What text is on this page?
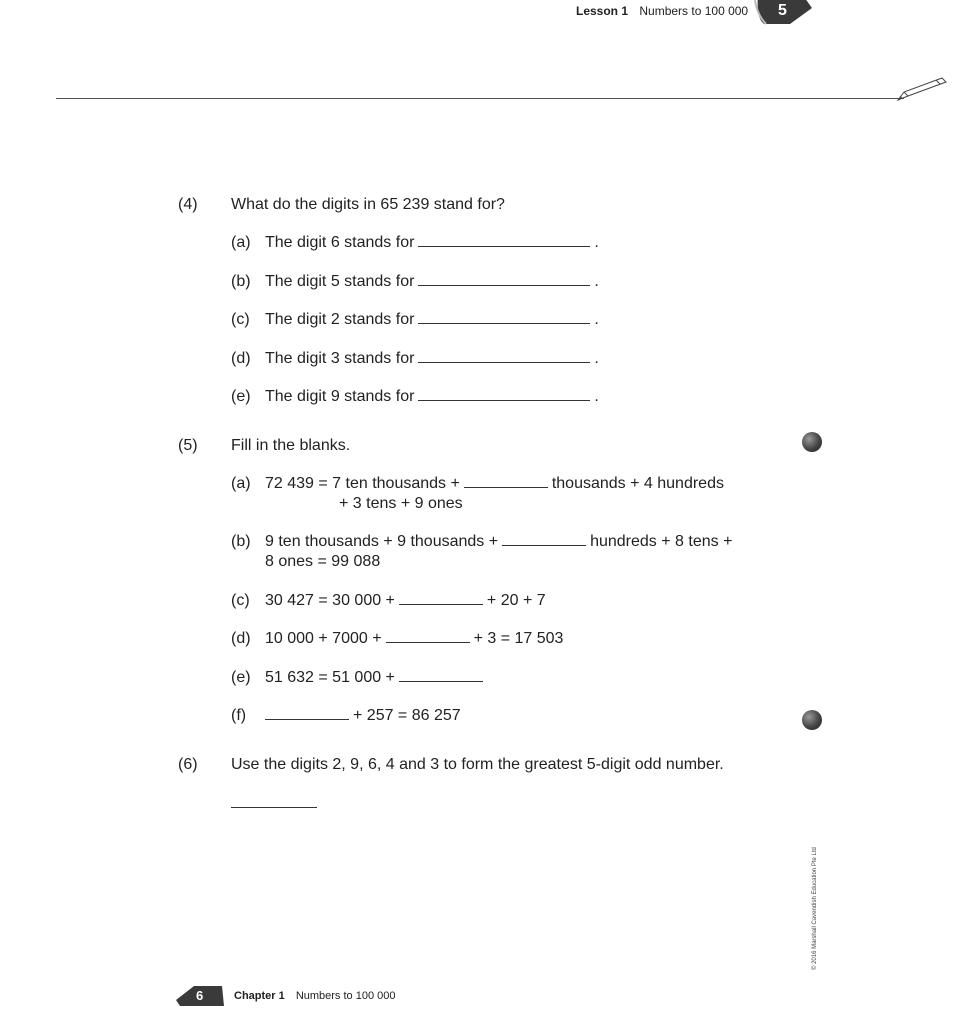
Lesson 1 Numbers to 100 000 5
(4) What do the digits in 65 239 stand for?
(a) The digit 6 stands for	.
(b) The digit 5 stands for	.
(c) The digit 2 stands for	.
(d) The digit 3 stands for	.
(e) The digit 9 stands for	.
(5) Fill in the blanks.
(a) 72 439 = 7 ten thousands +	thousands + 4 hundreds
+ 3 tens + 9 ones
(b) 9 ten thousands + 9 thousands +	hundreds + 8 tens +
8 ones = 99 088
(c) 30 427 = 30 000 +	+ 20 + 7
(d) 10 000 + 7000 +	+ 3 = 17 503
(e) 51 632 = 51 000 +
(f)	+ 257 = 86 257
(6) Use the digits 2, 9, 6, 4 and 3 to form the greatest 5-digit odd number.
© 2016 Marshall Cavendish Education Pte Ltd
6	Chapter 1 Numbers to 100 000
